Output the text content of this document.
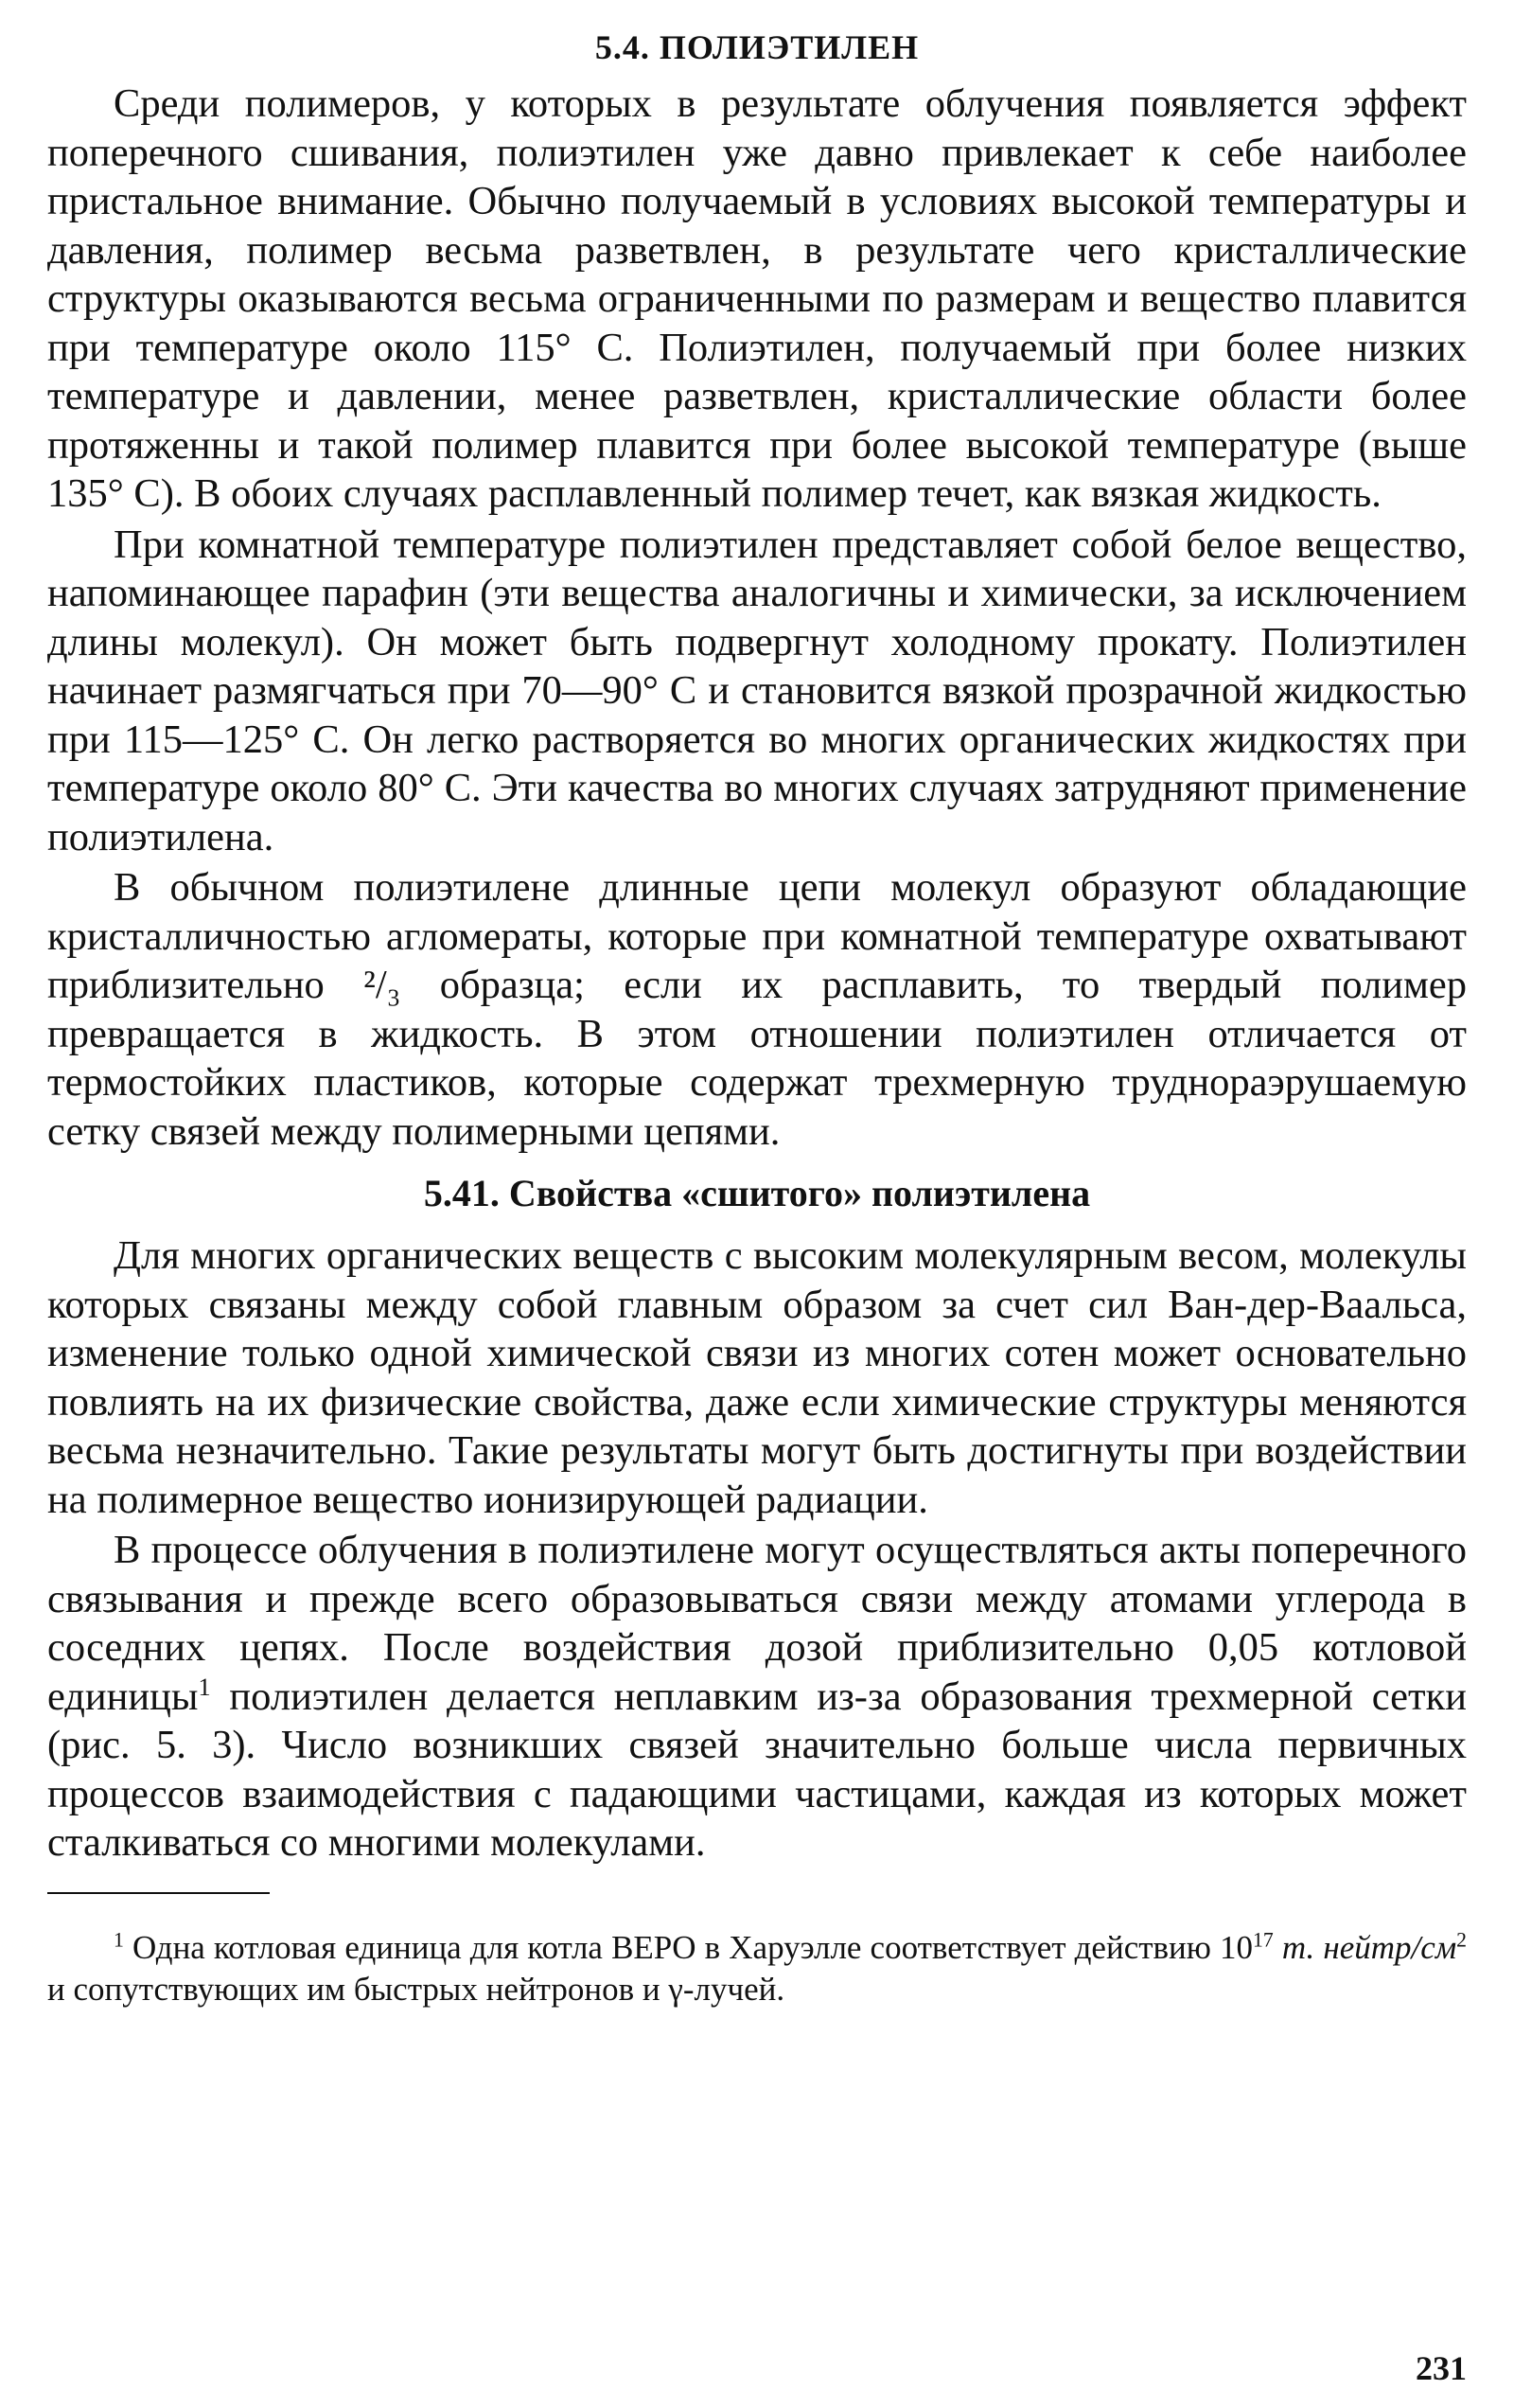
5.4. ПОЛИЭТИЛЕН

Среди полимеров, у которых в результате облучения появляется эффект поперечного сшивания, полиэтилен уже давно привлекает к себе наиболее пристальное внимание. Обычно получаемый в условиях высокой температуры и давления, полимер весьма разветвлен, в результате чего кристаллические структуры оказываются весьма ограниченными по размерам и вещество плавится при температуре около 115° С. Полиэтилен, получаемый при более низких температуре и давлении, менее разветвлен, кристаллические области более протяженны и такой полимер плавится при более высокой температуре (выше 135° С). В обоих случаях расплавленный полимер течет, как вязкая жидкость.

При комнатной температуре полиэтилен представляет собой белое вещество, напоминающее парафин (эти вещества аналогичны и химически, за исключением длины молекул). Он может быть подвергнут холодному прокату. Полиэтилен начинает размягчаться при 70—90° С и становится вязкой прозрачной жидкостью при 115—125° С. Он легко растворяется во многих органических жидкостях при температуре около 80° С. Эти качества во многих случаях затрудняют применение полиэтилена.

В обычном полиэтилене длинные цепи молекул образуют обладающие кристалличностью агломераты, которые при комнатной температуре охватывают приблизительно ²/₃ образца; если их расплавить, то твердый полимер превращается в жидкость. В этом отношении полиэтилен отличается от термостойких пластиков, которые содержат трехмерную труднораэрушаемую сетку связей между полимерными цепями.

5.41. Свойства «сшитого» полиэтилена

Для многих органических веществ с высоким молекулярным весом, молекулы которых связаны между собой главным образом за счет сил Ван-дер-Ваальса, изменение только одной химической связи из многих сотен может основательно повлиять на их физические свойства, даже если химические структуры меняются весьма незначительно. Такие результаты могут быть достигнуты при воздействии на полимерное вещество ионизирующей радиации.

В процессе облучения в полиэтилене могут осуществляться акты поперечного связывания и прежде всего образовываться связи между атомами углерода в соседних цепях. После воздействия дозой приблизительно 0,05 котловой единицы$^1$ полиэтилен делается неплавким из-за образования трехмерной сетки (рис. 5. 3). Число возникших связей значительно больше числа первичных процессов взаимодействия с падающими частицами, каждая из которых может сталкиваться со многими молекулами.

$^1$ Одна котловая единица для котла BEPO в Харуэлле соответствует действию $10^{17}$ т. нейтр/$см^2$ и сопутствующих им быстрых нейтронов и γ-лучей.

231
